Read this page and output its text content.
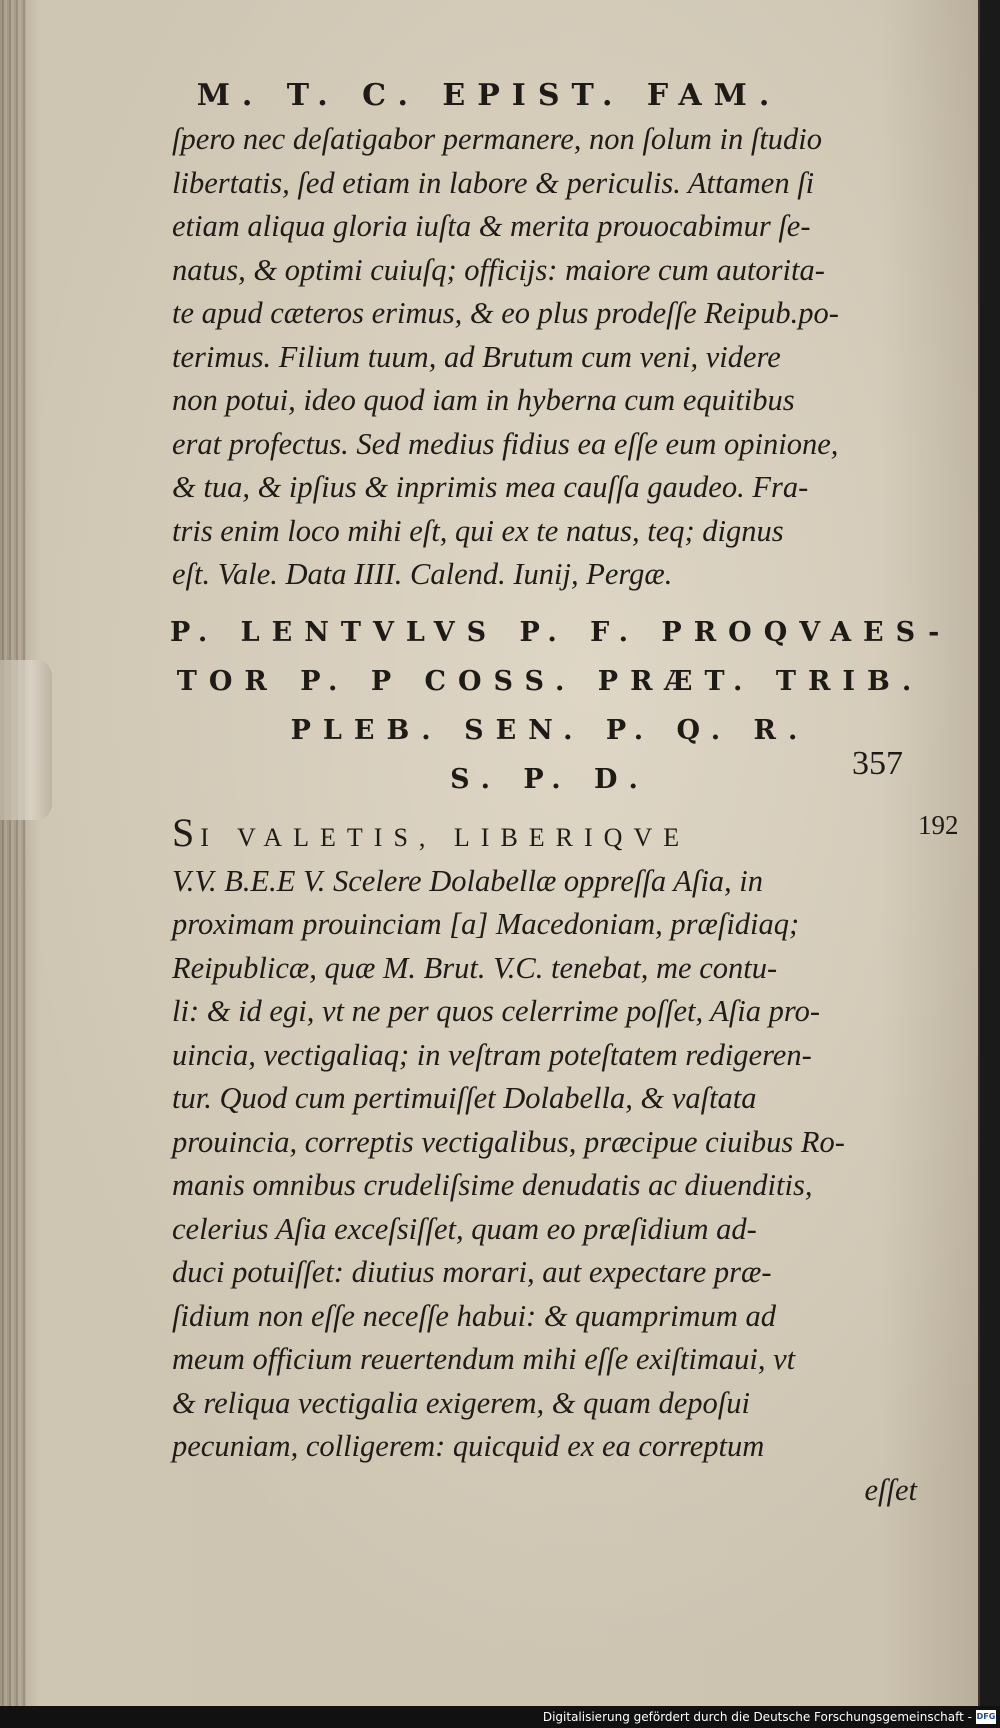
M. T. C. EPIST. FAM.
ſpero nec deſatigabor permanere, non ſolum in ſtudio
libertatis, ſed etiam in labore & periculis. Attamen ſi
etiam aliqua gloria iuſta & merita prouocabimur ſe-
natus, & optimi cuiuſq; officijs: maiore cum autorita-
te apud cæteros erimus, & eo plus prodeſſe Reipub.po-
terimus. Filium tuum, ad Brutum cum veni, videre
non potui, ideo quod iam in hyberna cum equitibus
erat profectus. Sed medius fidius ea eſſe eum opinione,
& tua, & ipſius & inprimis mea cauſſa gaudeo. Fra-
tris enim loco mihi eſt, qui ex te natus, teq; dignus
eſt. Vale. Data IIII. Calend. Iunij, Pergæ.
P. LENTVLVS P. F. PROQVAES-
TOR P. P COSS. PRÆT. TRIB.
PLEB. SEN. P. Q. R.
S. P. D.	357
192
SI VALETIS, LIBERIQVE
V.V. B.E.E V. Scelere Dolabellæ oppreſſa Aſia, in
proximam prouinciam [a] Macedoniam, præſidiaq;
Reipublicæ, quæ M. Brut. V.C. tenebat, me contu-
li: & id egi, vt ne per quos celerrime poſſet, Aſia pro-
uincia, vectigaliaq; in veſtram poteſtatem redigeren-
tur. Quod cum pertimuiſſet Dolabella, & vaſtata
prouincia, correptis vectigalibus, præcipue ciuibus Ro-
manis omnibus crudeliſsime denudatis ac diuenditis,
celerius Aſia exceſsiſſet, quam eo præſidium ad-
duci potuiſſet: diutius morari, aut expectare præ-
ſidium non eſſe neceſſe habui: & quamprimum ad
meum officium reuertendum mihi eſſe exiſtimaui, vt
& reliqua vectigalia exigerem, & quam depoſui
pecuniam, colligerem: quicquid ex ea correptum
eſſet
Digitalisierung gefördert durch die Deutsche Forschungsgemeinschaft - DFG
